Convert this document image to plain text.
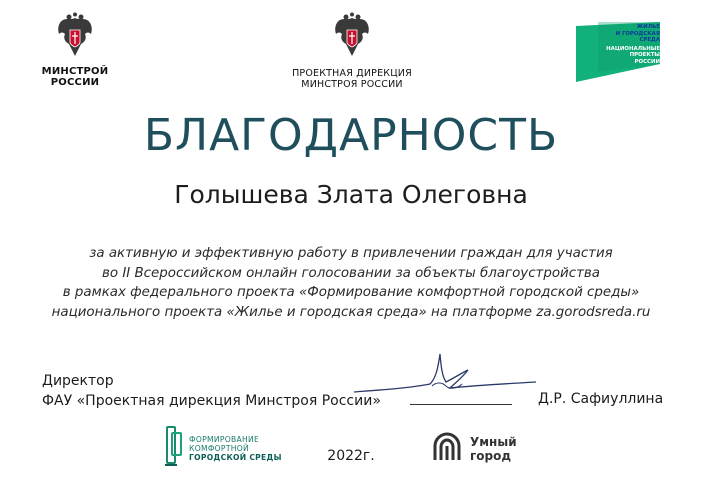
МИНСТРОЙ
РОССИИ
ПРОЕКТНАЯ ДИРЕКЦИЯ
МИНСТРОЯ РОССИИ
ЖИЛЬЕ
И ГОРОДСКАЯ СРЕДА
НАЦИОНАЛЬНЫЕ
ПРОЕКТЫ
РОССИИ
БЛАГОДАРНОСТЬ
Голышева Злата Олеговна
за активную и эффективную работу в привлечении граждан для участия
во II Всероссийском онлайн голосовании за объекты благоустройства
в рамках федерального проекта «Формирование комфортной городской среды»
национального проекта «Жилье и городская среда» на платформе za.gorodsreda.ru
Директор
ФАУ «Проектная дирекция Минстроя России»	Д.Р. Сафиуллина
ФОРМИРОВАНИЕ
КОМФОРТНОЙ
ГОРОДСКОЙ СРЕДЫ
Умный
город
2022г.
